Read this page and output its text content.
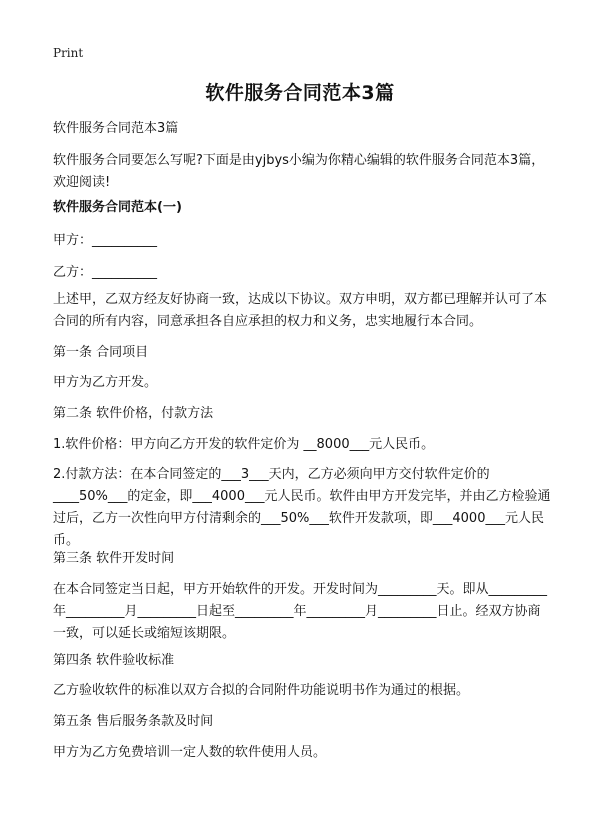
Print
软件服务合同范本3篇

软件服务合同范本3篇

软件服务合同要怎么写呢?下面是由yjbys小编为你精心编辑的软件服务合同范本3篇，欢迎阅读!

软件服务合同范本(一)

甲方：__________

乙方：__________

上述甲，乙双方经友好协商一致，达成以下协议。双方申明，双方都已理解并认可了本合同的所有内容，同意承担各自应承担的权力和义务，忠实地履行本合同。

第一条 合同项目

甲方为乙方开发。

第二条 软件价格，付款方法

1.软件价格：甲方向乙方开发的软件定价为 __8000___元人民币。

2.付款方法：在本合同签定的___3___天内，乙方必须向甲方交付软件定价的____50%___的定金，即___4000___元人民币。软件由甲方开发完毕，并由乙方检验通过后，乙方一次性向甲方付清剩余的___50%___软件开发款项，即___4000___元人民币。

第三条 软件开发时间

在本合同签定当日起，甲方开始软件的开发。开发时间为_________天。即从_________年_________月_________日起至_________年_________月_________日止。经双方协商一致，可以延长或缩短该期限。

第四条 软件验收标准

乙方验收软件的标准以双方合拟的合同附件功能说明书作为通过的根据。

第五条 售后服务条款及时间

甲方为乙方免费培训一定人数的软件使用人员。
